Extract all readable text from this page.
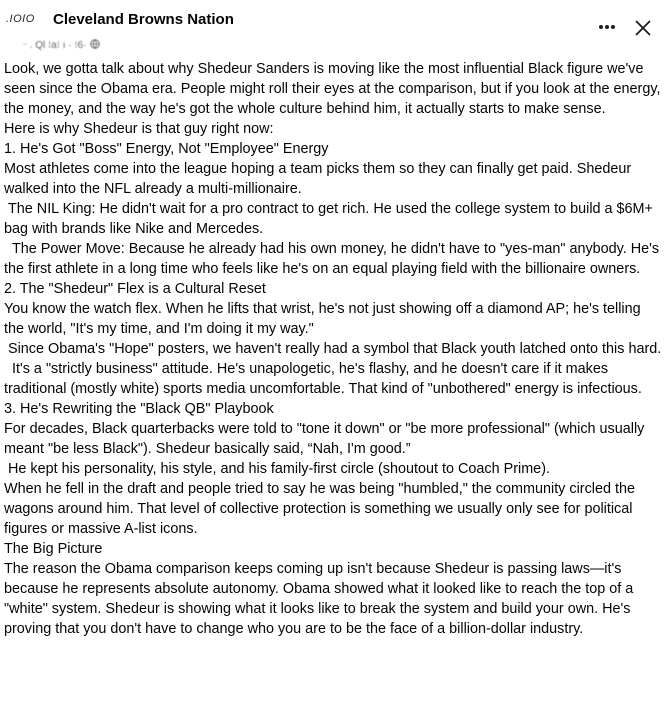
.IOIO Cleveland Browns Nation
ᆢ. Ql ⁝a⁝ ı · ⁝6·

Look, we gotta talk about why Shedeur Sanders is moving like the most influential Black figure we've seen since the Obama era. People might roll their eyes at the comparison, but if you look at the energy, the money, and the way he's got the whole culture behind him, it actually starts to make sense.

Here is why Shedeur is that guy right now:

1. He's Got "Boss" Energy, Not "Employee" Energy

Most athletes come into the league hoping a team picks them so they can finally get paid. Shedeur walked into the NFL already a multi-millionaire.

The NIL King: He didn't wait for a pro contract to get rich. He used the college system to build a $6M+ bag with brands like Nike and Mercedes.

The Power Move: Because he already had his own money, he didn't have to "yes-man" anybody. He's the first athlete in a long time who feels like he's on an equal playing field with the billionaire owners.

2. The "Shedeur" Flex is a Cultural Reset

You know the watch flex. When he lifts that wrist, he's not just showing off a diamond AP; he's telling the world, "It's my time, and I'm doing it my way."

Since Obama's "Hope" posters, we haven't really had a symbol that Black youth latched onto this hard.

It's a "strictly business" attitude. He's unapologetic, he's flashy, and he doesn't care if it makes traditional (mostly white) sports media uncomfortable. That kind of "unbothered" energy is infectious.

3. He's Rewriting the "Black QB" Playbook

For decades, Black quarterbacks were told to "tone it down" or "be more professional" (which usually meant "be less Black"). Shedeur basically said, “Nah, I'm good.”

He kept his personality, his style, and his family-first circle (shoutout to Coach Prime).

When he fell in the draft and people tried to say he was being "humbled," the community circled the wagons around him. That level of collective protection is something we usually only see for political figures or massive A-list icons.

The Big Picture

The reason the Obama comparison keeps coming up isn't because Shedeur is passing laws—it's because he represents absolute autonomy. Obama showed what it looked like to reach the top of a "white" system. Shedeur is showing what it looks like to break the system and build your own. He's proving that you don't have to change who you are to be the face of a billion-dollar industry.
